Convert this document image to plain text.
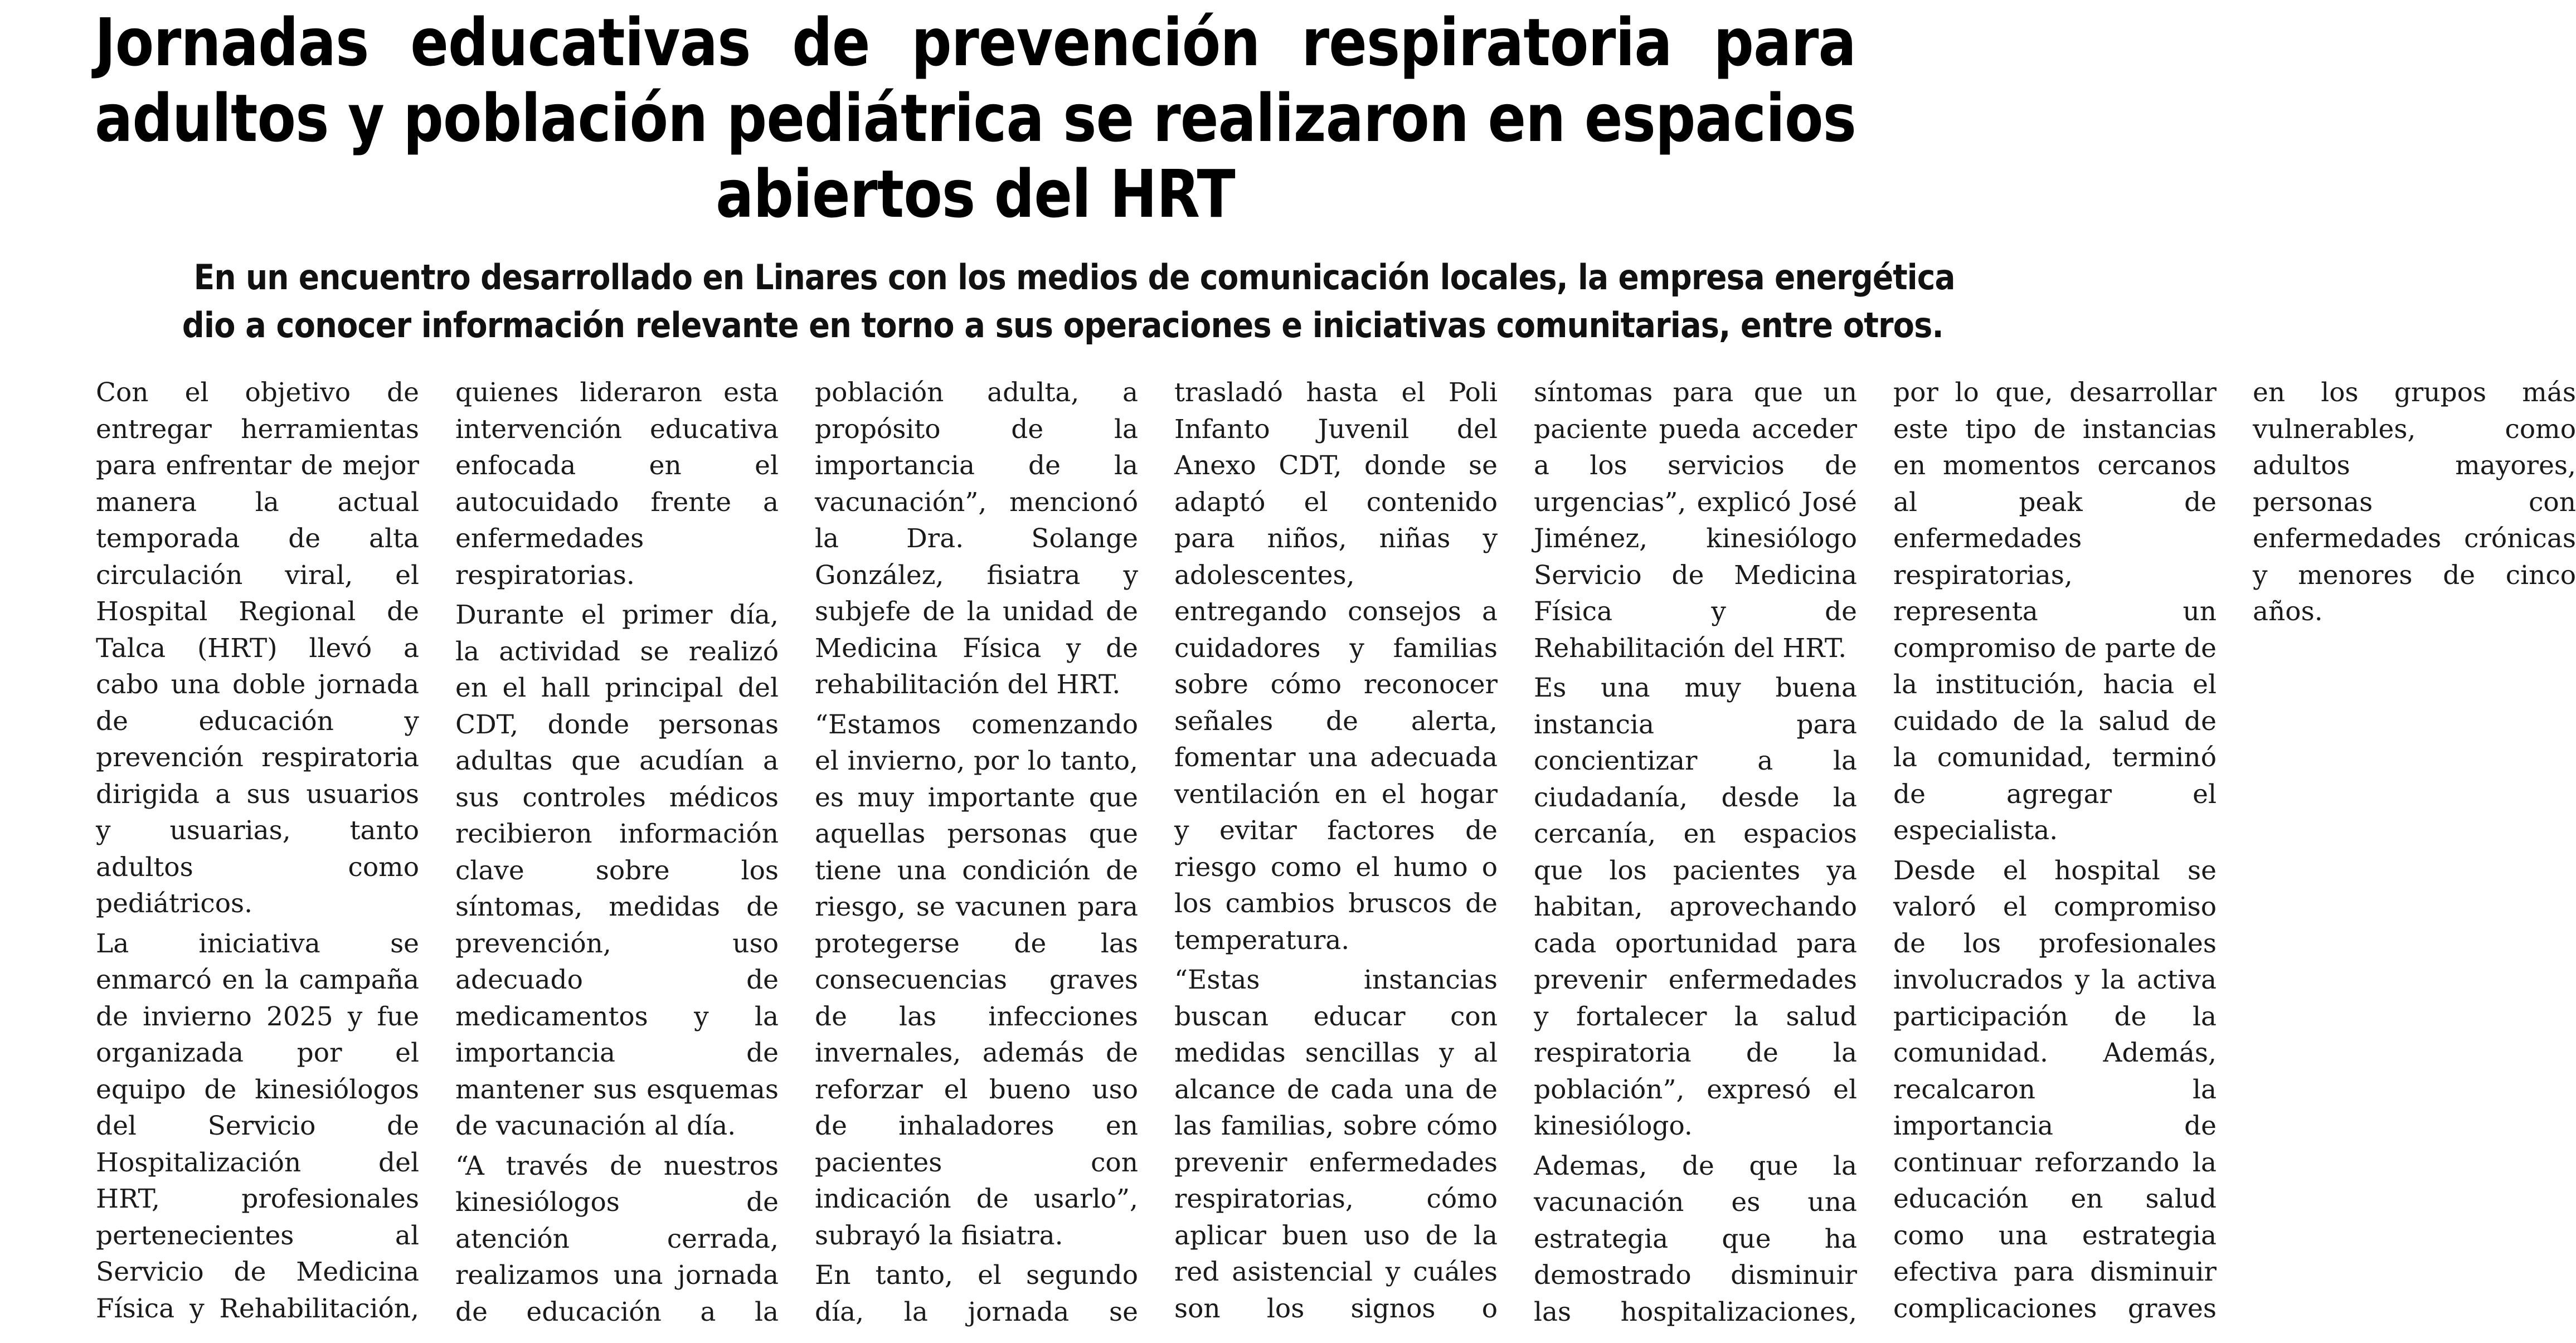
Jornadas educativas de prevención respiratoria para
adultos y población pediátrica se realizaron en espacios
abiertos del HRT
En un encuentro desarrollado en Linares con los medios de comunicación locales, la empresa energética
dio a conocer información relevante en torno a sus operaciones e iniciativas comunitarias, entre otros.

Con el objetivo de entregar herramientas para enfrentar de mejor manera la actual temporada de alta circulación viral, el Hospital Regional de Talca (HRT) llevó a cabo una doble jornada de educación y prevención respiratoria dirigida a sus usuarios y usuarias, tanto adultos como pediátricos.

La iniciativa se enmarcó en la campaña de invierno 2025 y fue organizada por el equipo de kinesiólogos del Servicio de Hospitalización del HRT, profesionales pertenecientes al Servicio de Medicina Física y Rehabilitación, quienes lideraron esta intervención educativa enfocada en el autocuidado frente a enfermedades respiratorias.

Durante el primer día, la actividad se realizó en el hall principal del CDT, donde personas adultas que acudían a sus controles médicos recibieron información clave sobre los síntomas, medidas de prevención, uso adecuado de medicamentos y la importancia de mantener sus esquemas de vacunación al día.

“A través de nuestros kinesiólogos de atención cerrada, realizamos una jornada de educación a la población adulta, a propósito de la importancia de la vacunación”, mencionó la Dra. Solange González, fisiatra y subjefe de la unidad de Medicina Física y de rehabilitación del HRT.

“Estamos comenzando el invierno, por lo tanto, es muy importante que aquellas personas que tiene una condición de riesgo, se vacunen para protegerse de las consecuencias graves de las infecciones invernales, además de reforzar el bueno uso de inhaladores en pacientes con indicación de usarlo”, subrayó la fisiatra.

En tanto, el segundo día, la jornada se trasladó hasta el Poli Infanto Juvenil del Anexo CDT, donde se adaptó el contenido para niños, niñas y adolescentes, entregando consejos a cuidadores y familias sobre cómo reconocer señales de alerta, fomentar una adecuada ventilación en el hogar y evitar factores de riesgo como el humo o los cambios bruscos de temperatura.

“Estas instancias buscan educar con medidas sencillas y al alcance de cada una de las familias, sobre cómo prevenir enfermedades respiratorias, cómo aplicar buen uso de la red asistencial y cuáles son los signos o síntomas para que un paciente pueda acceder a los servicios de urgencias”, explicó José Jiménez, kinesiólogo Servicio de Medicina Física y de Rehabilitación del HRT.

Es una muy buena instancia para concientizar a la ciudadanía, desde la cercanía, en espacios que los pacientes ya habitan, aprovechando cada oportunidad para prevenir enfermedades y fortalecer la salud respiratoria de la población”, expresó el kinesiólogo.

Ademas, de que la vacunación es una estrategia que ha demostrado disminuir las hospitalizaciones, por lo que, desarrollar este tipo de instancias en momentos cercanos al peak de enfermedades respiratorias, representa un compromiso de parte de la institución, hacia el cuidado de la salud de la comunidad, terminó de agregar el especialista.

Desde el hospital se valoró el compromiso de los profesionales involucrados y la activa participación de la comunidad. Además, recalcaron la importancia de continuar reforzando la educación en salud como una estrategia efectiva para disminuir complicaciones graves en los grupos más vulnerables, como adultos mayores, personas con enfermedades crónicas y menores de cinco años.
